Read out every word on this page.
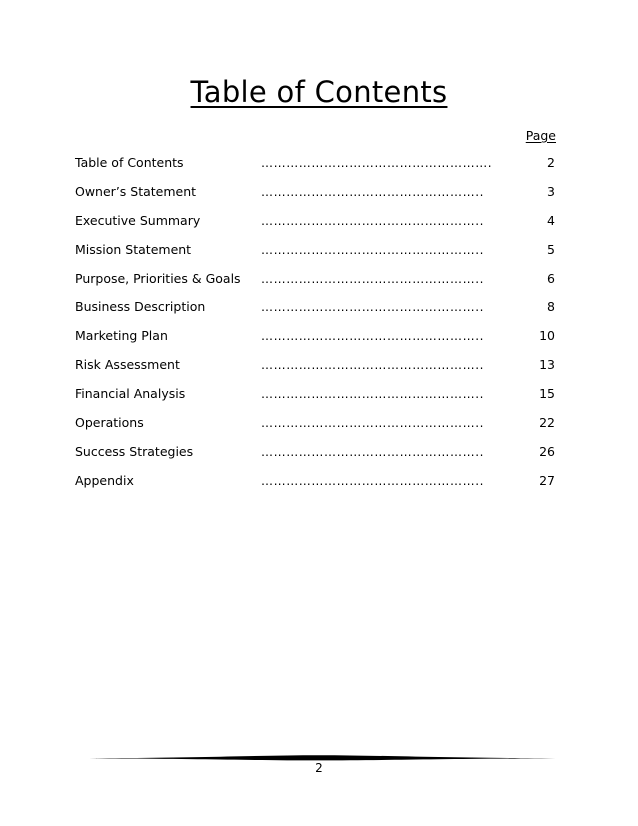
Table of Contents
Page
Table of Contents	……………………………………………….	2
Owner’s Statement	……………………………………………..	3
Executive Summary	……………………………………………..	4
Mission Statement	……………………………………………..	5
Purpose, Priorities & Goals ……………………………………………..	6
Business Description	……………………………………………..	8
Marketing Plan	……………………………………………..	10
Risk Assessment	……………………………………………..	13
Financial Analysis	……………………………………………..	15
Operations	……………………………………………..	22
Success Strategies	……………………………………………..	26
Appendix	……………………………………………..	27
2
